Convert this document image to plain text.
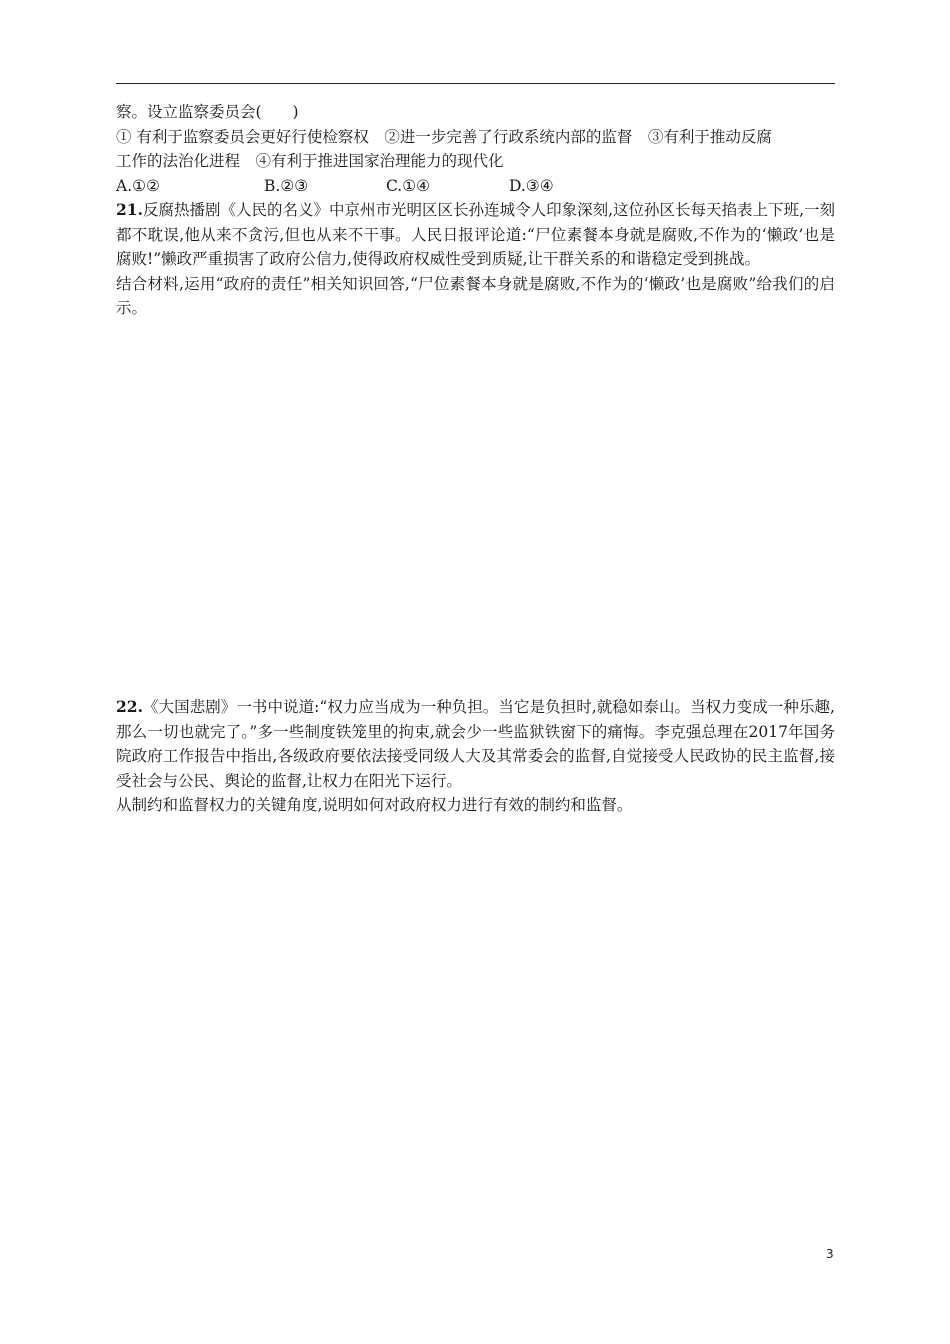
察。设立监察委员会(　　)
① 有利于监察委员会更好行使检察权　②进一步完善了行政系统内部的监督　③有利于推动反腐
工作的法治化进程　④有利于推进国家治理能力的现代化
A.①②	B.②③	C.①④	D.③④
21.反腐热播剧《人民的名义》中京州市光明区区长孙连城令人印象深刻,这位孙区长每天掐表上下班,一刻都不耽误,他从来不贪污,但也从来不干事。人民日报评论道:“尸位素餐本身就是腐败,不作为的‘懒政’也是腐败!”懒政严重损害了政府公信力,使得政府权威性受到质疑,让干群关系的和谐稳定受到挑战。
结合材料,运用“政府的责任”相关知识回答,“尸位素餐本身就是腐败,不作为的‘懒政’也是腐败”给我们的启示。
22.《大国悲剧》一书中说道:“权力应当成为一种负担。当它是负担时,就稳如泰山。当权力变成一种乐趣,那么一切也就完了。”多一些制度铁笼里的拘束,就会少一些监狱铁窗下的痛悔。李克强总理在2017年国务院政府工作报告中指出,各级政府要依法接受同级人大及其常委会的监督,自觉接受人民政协的民主监督,接受社会与公民、舆论的监督,让权力在阳光下运行。
从制约和监督权力的关键角度,说明如何对政府权力进行有效的制约和监督。
3
